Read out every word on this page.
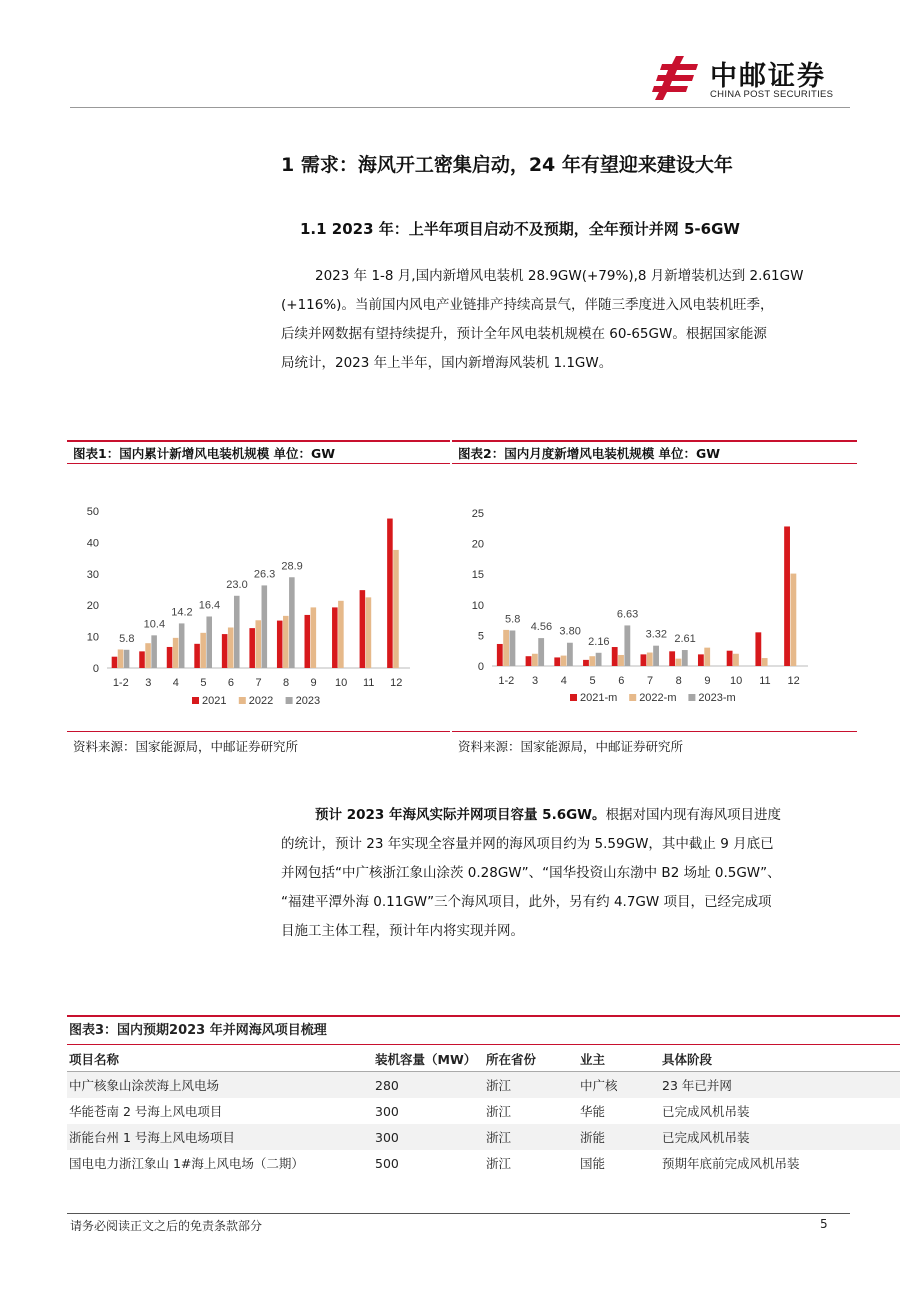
中邮证券
CHINA POST SECURITIES
1 需求：海风开工密集启动，24 年有望迎来建设大年
1.1 2023 年：上半年项目启动不及预期，全年预计并网 5-6GW
2023 年 1-8 月,国内新增风电装机 28.9GW(+79%),8 月新增装机达到 2.61GW
(+116%)。当前国内风电产业链排产持续高景气，伴随三季度进入风电装机旺季，
后续并网数据有望持续提升，预计全年风电装机规模在 60-65GW。根据国家能源
局统计，2023 年上半年，国内新增海风装机 1.1GW。
图表1：国内累计新增风电装机规模 单位：GW
0
10
20
30
40
50
1-2 3 4 5 6 7 8 9 10 11 12
5.8
10.4
14.2
16.4
23.0
26.3
28.9
2021 2022 2023
资料来源：国家能源局，中邮证券研究所
图表2：国内月度新增风电装机规模 单位：GW
0
5
10
15
20
25
1-2 3 4 5 6 7 8 9 10 11 12
5.8
4.56 3.80
2.16
6.63
3.32 2.61
2021-m 2022-m 2023-m
资料来源：国家能源局，中邮证券研究所
预计 2023 年海风实际并网项目容量 5.6GW。根据对国内现有海风项目进度
的统计，预计 23 年实现全容量并网的海风项目约为 5.59GW，其中截止 9 月底已
并网包括“中广核浙江象山涂茨 0.28GW”、“国华投资山东渤中 B2 场址 0.5GW”、
“福建平潭外海 0.11GW”三个海风项目，此外，另有约 4.7GW 项目，已经完成项
目施工主体工程，预计年内将实现并网。
图表3：国内预期2023 年并网海风项目梳理
项目名称	装机容量（MW）	所在省份	业主	具体阶段
中广核象山涂茨海上风电场	280	浙江	中广核	23 年已并网
华能苍南 2 号海上风电项目	300	浙江	华能	已完成风机吊装
浙能台州 1 号海上风电场项目	300	浙江	浙能	已完成风机吊装
国电电力浙江象山 1#海上风电场（二期）	500	浙江	国能	预期年底前完成风机吊装
请务必阅读正文之后的免责条款部分	5
